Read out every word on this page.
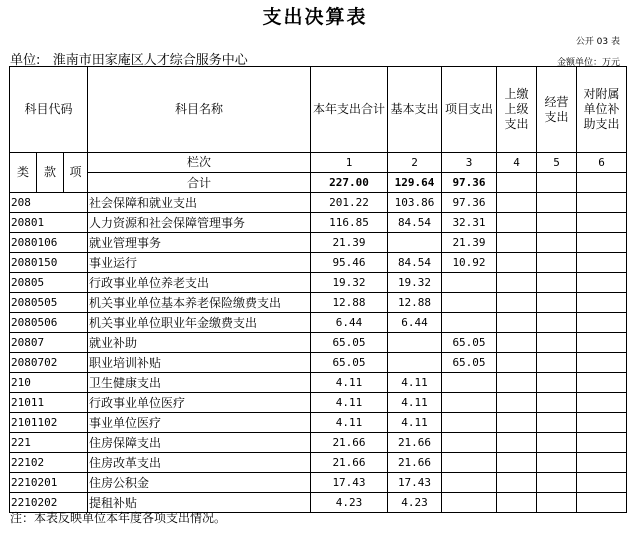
支出决算表
公开 03 表
单位: 淮南市田家庵区人才综合服务中心	金额单位：万元
科目代码			科目名称	本年支出合计	基本支出	项目支出	上缴上级支出	经营支出	对附属单位补助支出
类	款	项	栏次	1	2	3	4	5	6
			合计	227.00	129.64	97.36			
208			社会保障和就业支出	201.22	103.86	97.36			
20801			人力资源和社会保障管理事务	116.85	84.54	32.31			
2080106			就业管理事务	21.39		21.39			
2080150			事业运行	95.46	84.54	10.92			
20805			行政事业单位养老支出	19.32	19.32				
2080505			机关事业单位基本养老保险缴费支出	12.88	12.88				
2080506			机关事业单位职业年金缴费支出	6.44	6.44				
20807			就业补助	65.05		65.05			
2080702			职业培训补贴	65.05		65.05			
210			卫生健康支出	4.11	4.11				
21011			行政事业单位医疗	4.11	4.11				
2101102			事业单位医疗	4.11	4.11				
221			住房保障支出	21.66	21.66				
22102			住房改革支出	21.66	21.66				
2210201			住房公积金	17.43	17.43				
2210202			提租补贴	4.23	4.23				
注：本表反映单位本年度各项支出情况。
